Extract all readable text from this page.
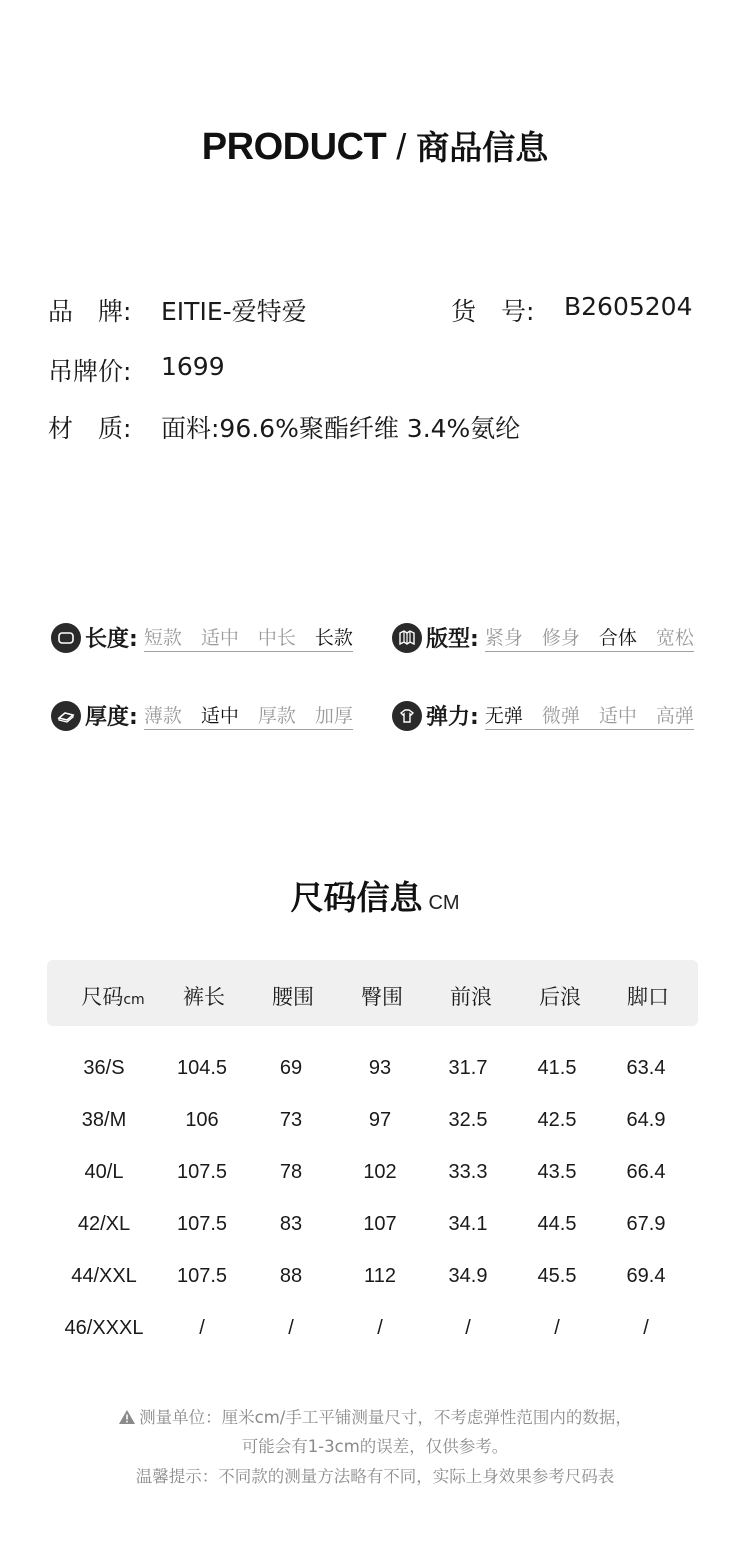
PRODUCT / 商品信息
品　牌: EITIE-爱特爱	货　号: B2605204
吊牌价: 1699
材　质: 面料:96.6%聚酯纤维 3.4%氨纶
长度: 短款 适中 中长 长款	版型: 紧身 修身 合体 宽松
厚度: 薄款 适中 厚款 加厚	弹力: 无弹 微弹 适中 高弹
尺码信息 CM
尺码cm 裤长 腰围 臀围 前浪 后浪 脚口
36/S	104.5	69	93	31.7	41.5	63.4
38/M	106	73	97	32.5	42.5	64.9
40/L	107.5	78	102	33.3	43.5	66.4
42/XL 107.5	83	107	34.1	44.5	67.9
44/XXL 107.5	88	112	34.9	45.5	69.4
46/XXXL	/	/	/	/	/	/
测量单位：厘米cm/手工平铺测量尺寸，不考虑弹性范围内的数据，
可能会有1-3cm的误差，仅供参考。
温馨提示：不同款的测量方法略有不同，实际上身效果参考尺码表
